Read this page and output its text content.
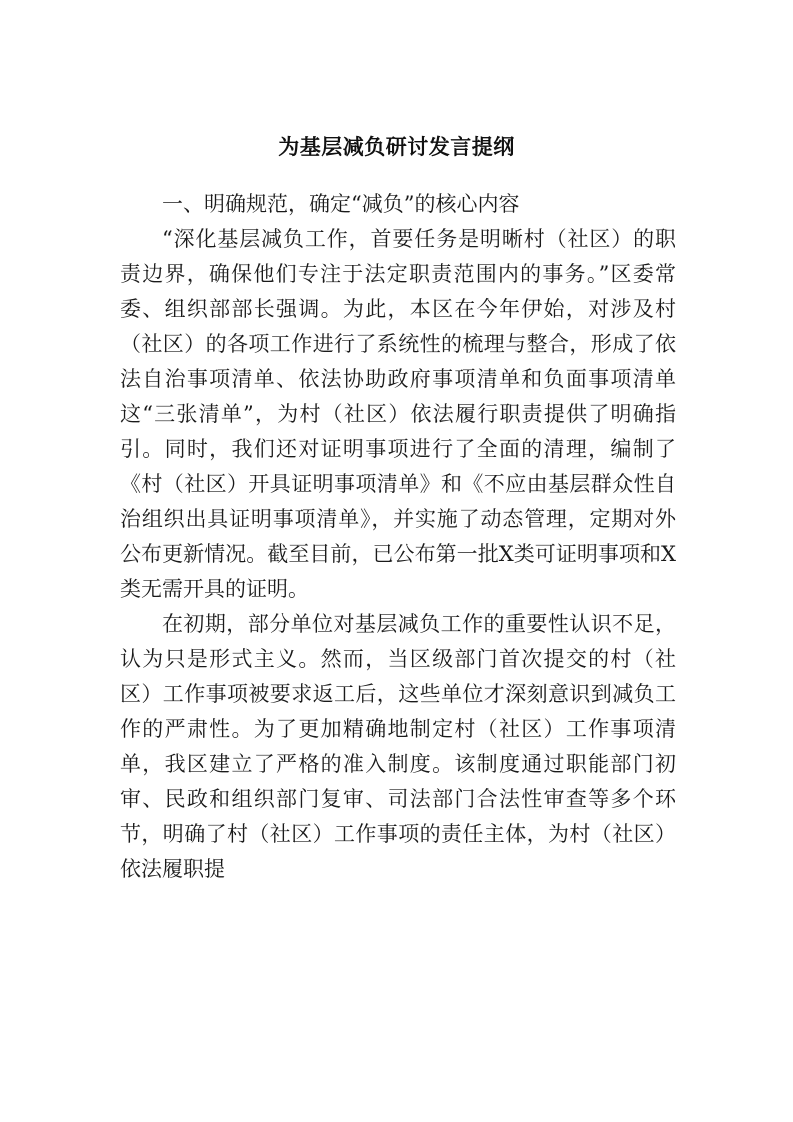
为基层减负研讨发言提纲

一、明确规范，确定“减负”的核心内容

“深化基层减负工作，首要任务是明晰村（社区）的职责边界，确保他们专注于法定职责范围内的事务。”区委常委、组织部部长强调。为此，本区在今年伊始，对涉及村（社区）的各项工作进行了系统性的梳理与整合，形成了依法自治事项清单、依法协助政府事项清单和负面事项清单这“三张清单”，为村（社区）依法履行职责提供了明确指引。同时，我们还对证明事项进行了全面的清理，编制了《村（社区）开具证明事项清单》和《不应由基层群众性自治组织出具证明事项清单》，并实施了动态管理，定期对外公布更新情况。截至目前，已公布第一批X类可证明事项和X类无需开具的证明。

在初期，部分单位对基层减负工作的重要性认识不足，认为只是形式主义。然而，当区级部门首次提交的村（社区）工作事项被要求返工后，这些单位才深刻意识到减负工作的严肃性。为了更加精确地制定村（社区）工作事项清单，我区建立了严格的准入制度。该制度通过职能部门初审、民政和组织部门复审、司法部门合法性审查等多个环节，明确了村（社区）工作事项的责任主体，为村（社区）依法履职提
